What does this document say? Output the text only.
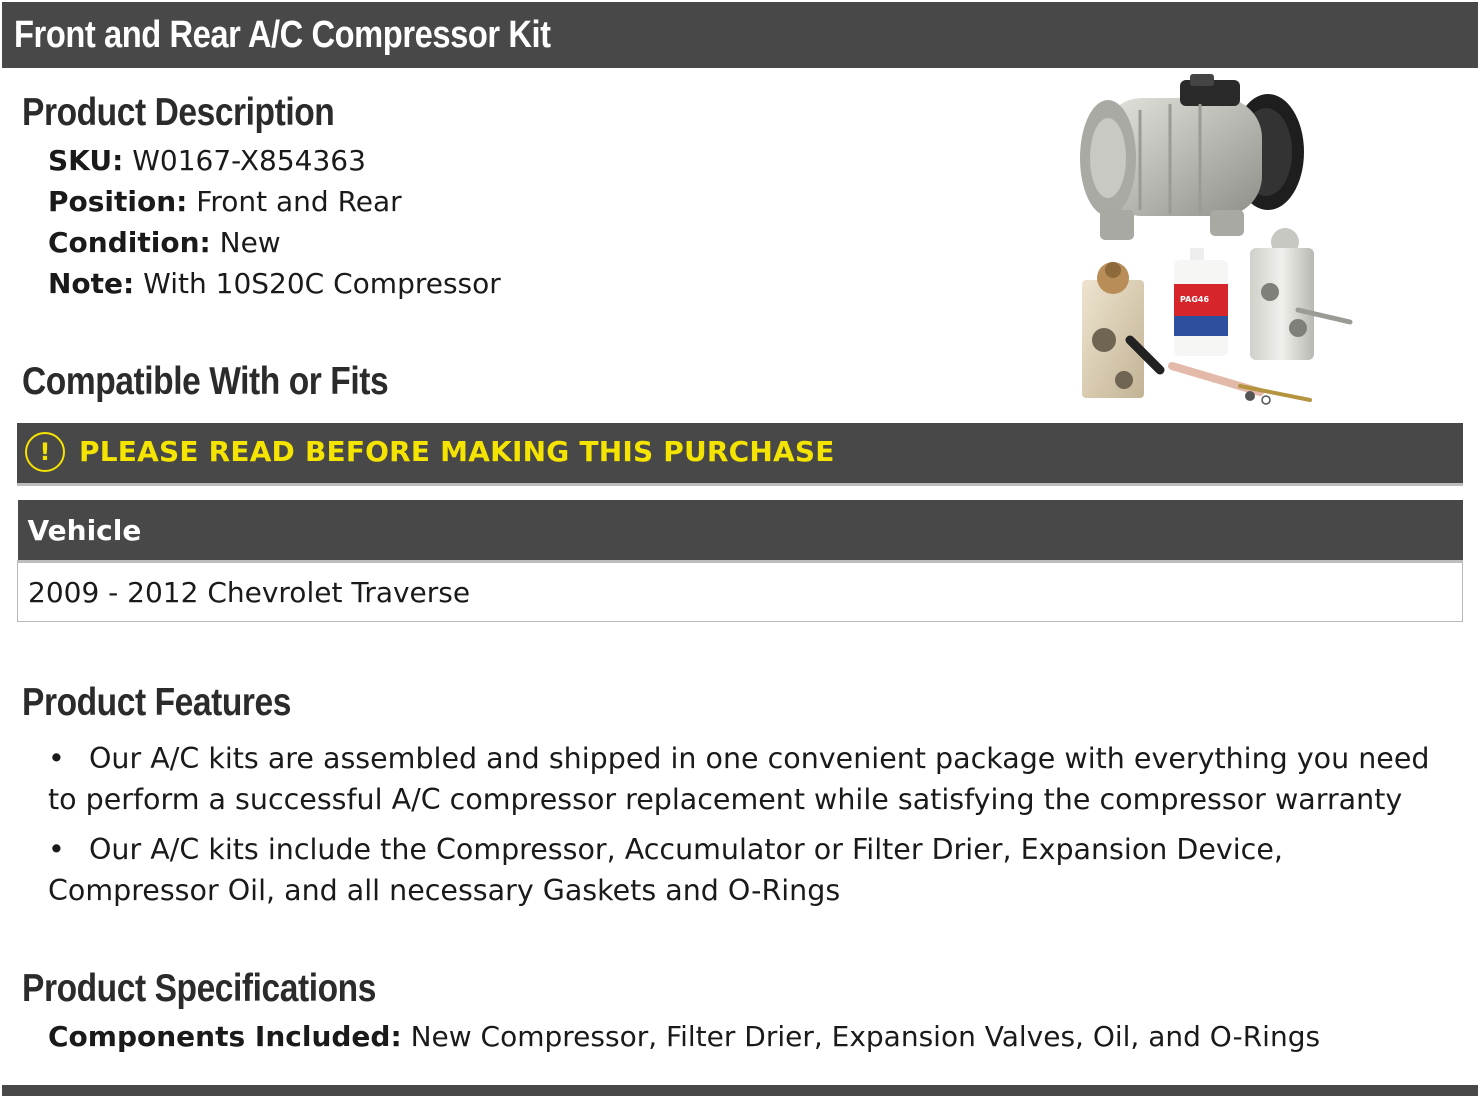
Front and Rear A/C Compressor Kit
Product Description
SKU: W0167-X854363
Position: Front and Rear
Condition: New
Note: With 10S20C Compressor	PAG46
Compatible With or Fits
!	PLEASE READ BEFORE MAKING THIS PURCHASE
Vehicle
2009 - 2012 Chevrolet Traverse
Product Features
• Our A/C kits are assembled and shipped in one convenient package with everything you need to perform a successful A/C compressor replacement while satisfying the compressor warranty
• Our A/C kits include the Compressor, Accumulator or Filter Drier, Expansion Device, Compressor Oil, and all necessary Gaskets and O-Rings
Product Specifications
Components Included: New Compressor, Filter Drier, Expansion Valves, Oil, and O-Rings
